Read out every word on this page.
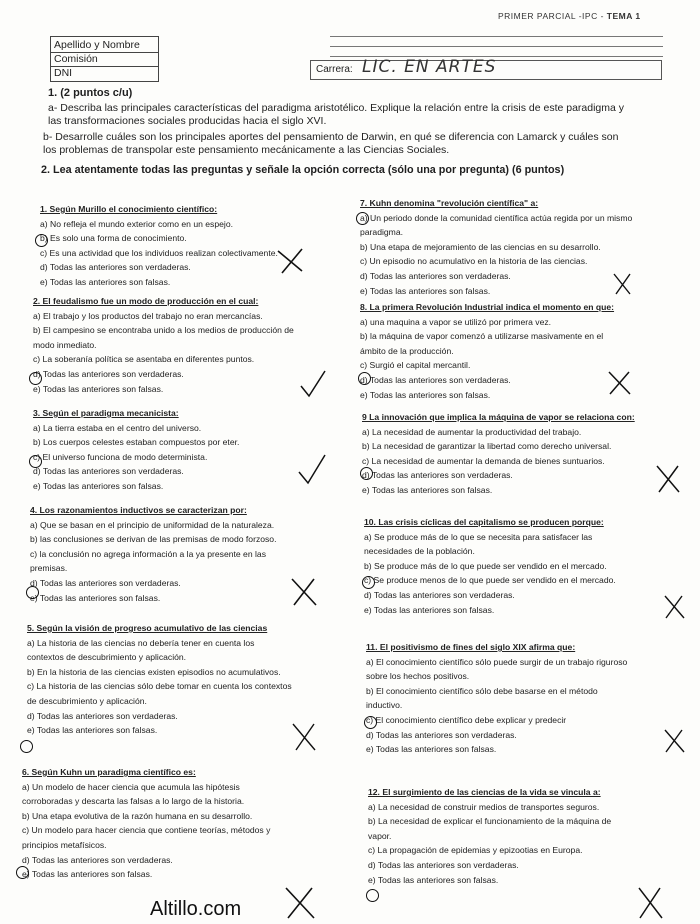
PRIMER PARCIAL -IPC - TEMA 1
Apellido y Nombre
Comisión
DNI	Carrera: LIC. EN ARTES
1. (2 puntos c/u)
a- Describa las principales características del paradigma aristotélico. Explique la relación entre la crisis de este paradigma y
las transformaciones sociales producidas hacia el siglo XVI.
b- Desarrolle cuáles son los principales aportes del pensamiento de Darwin, en qué se diferencia con Lamarck y cuáles son
los problemas de transpolar este pensamiento mecánicamente a las Ciencias Sociales.
2. Lea atentamente todas las preguntas y señale la opción correcta (sólo una por pregunta) (6 puntos)
1. Según Murillo el conocimiento científico:
a) No refleja el mundo exterior como en un espejo.
b) Es solo una forma de conocimiento.
c) Es una actividad que los individuos realizan colectivamente.
d) Todas las anteriores son verdaderas.
e) Todas las anteriores son falsas.
2. El feudalismo fue un modo de producción en el cual:
a) El trabajo y los productos del trabajo no eran mercancías.
b) El campesino se encontraba unido a los medios de producción de
modo inmediato.
c) La soberanía política se asentaba en diferentes puntos.
d) Todas las anteriores son verdaderas.
e) Todas las anteriores son falsas.
3. Según el paradigma mecanicista:
a) La tierra estaba en el centro del universo.
b) Los cuerpos celestes estaban compuestos por eter.
c) El universo funciona de modo determinista.
d) Todas las anteriores son verdaderas.
e) Todas las anteriores son falsas.
4. Los razonamientos inductivos se caracterizan por:
a) Que se basan en el principio de uniformidad de la naturaleza.
b) las conclusiones se derivan de las premisas de modo forzoso.
c) la conclusión no agrega información a la ya presente en las
premisas.
d) Todas las anteriores son verdaderas.
e) Todas las anteriores son falsas.
5. Según la visión de progreso acumulativo de las ciencias
a) La historia de las ciencias no debería tener en cuenta los
contextos de descubrimiento y aplicación.
b) En la historia de las ciencias existen episodios no acumulativos.
c) La historia de las ciencias sólo debe tomar en cuenta los contextos
de descubrimiento y aplicación.
d) Todas las anteriores son verdaderas.
e) Todas las anteriores son falsas.
6. Según Kuhn un paradigma científico es:
a) Un modelo de hacer ciencia que acumula las hipótesis
corroboradas y descarta las falsas a lo largo de la historia.
b) Una etapa evolutiva de la razón humana en su desarrollo.
c) Un modelo para hacer ciencia que contiene teorías, métodos y
principios metafísicos.
d) Todas las anteriores son verdaderas.
e) Todas las anteriores son falsas.
7. Kuhn denomina "revolución científica" a:
a) Un periodo donde la comunidad científica actúa regida por un mismo
paradigma.
b) Una etapa de mejoramiento de las ciencias en su desarrollo.
c) Un episodio no acumulativo en la historia de las ciencias.
d) Todas las anteriores son verdaderas.
e) Todas las anteriores son falsas.
8. La primera Revolución Industrial indica el momento en que:
a) una maquina a vapor se utilizó por primera vez.
b) la máquina de vapor comenzó a utilizarse masivamente en el
ámbito de la producción.
c) Surgió el capital mercantil.
d) Todas las anteriores son verdaderas.
e) Todas las anteriores son falsas.
9 La innovación que implica la máquina de vapor se relaciona con:
a) La necesidad de aumentar la productividad del trabajo.
b) La necesidad de garantizar la libertad como derecho universal.
c) La necesidad de aumentar la demanda de bienes suntuarios.
d) Todas las anteriores son verdaderas.
e) Todas las anteriores son falsas.
10. Las crisis cíclicas del capitalismo se producen porque:
a) Se produce más de lo que se necesita para satisfacer las
necesidades de la población.
b) Se produce más de lo que puede ser vendido en el mercado.
c) Se produce menos de lo que puede ser vendido en el mercado.
d) Todas las anteriores son verdaderas.
e) Todas las anteriores son falsas.
11. El positivismo de fines del siglo XIX afirma que:
a) El conocimiento científico sólo puede surgir de un trabajo riguroso
sobre los hechos positivos.
b) El conocimiento científico sólo debe basarse en el método
inductivo.
c) El conocimiento científico debe explicar y predecir
d) Todas las anteriores son verdaderas.
e) Todas las anteriores son falsas.
12. El surgimiento de las ciencias de la vida se vincula a:
a) La necesidad de construir medios de transportes seguros.
b) La necesidad de explicar el funcionamiento de la máquina de
vapor.
c) La propagación de epidemias y epizootias en Europa.
d) Todas las anteriores son verdaderas.
e) Todas las anteriores son falsas.
Altillo.com
